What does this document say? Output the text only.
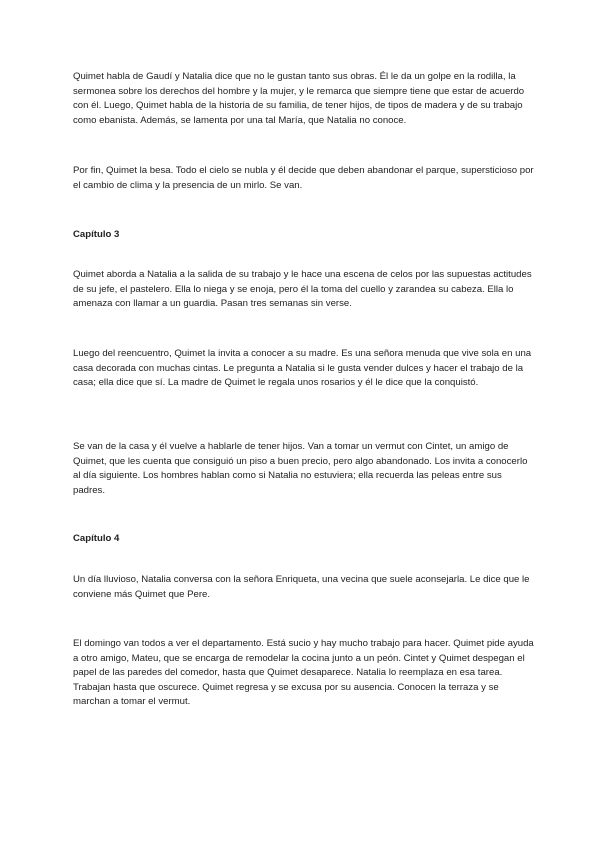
Quimet habla de Gaudí y Natalia dice que no le gustan tanto sus obras. Él le da un golpe en la rodilla, la sermonea sobre los derechos del hombre y la mujer, y le remarca que siempre tiene que estar de acuerdo con él. Luego, Quimet habla de la historia de su familia, de tener hijos, de tipos de madera y de su trabajo como ebanista. Además, se lamenta por una tal María, que Natalia no conoce.

Por fin, Quimet la besa. Todo el cielo se nubla y él decide que deben abandonar el parque, supersticioso por el cambio de clima y la presencia de un mirlo. Se van.

Capítulo 3

Quimet aborda a Natalia a la salida de su trabajo y le hace una escena de celos por las supuestas actitudes de su jefe, el pastelero. Ella lo niega y se enoja, pero él la toma del cuello y zarandea su cabeza. Ella lo amenaza con llamar a un guardia. Pasan tres semanas sin verse.

Luego del reencuentro, Quimet la invita a conocer a su madre. Es una señora menuda que vive sola en una casa decorada con muchas cintas. Le pregunta a Natalia si le gusta vender dulces y hacer el trabajo de la casa; ella dice que sí. La madre de Quimet le regala unos rosarios y él le dice que la conquistó.

Se van de la casa y él vuelve a hablarle de tener hijos. Van a tomar un vermut con Cintet, un amigo de Quimet, que les cuenta que consiguió un piso a buen precio, pero algo abandonado. Los invita a conocerlo al día siguiente. Los hombres hablan como si Natalia no estuviera; ella recuerda las peleas entre sus padres.

Capítulo 4

Un día lluvioso, Natalia conversa con la señora Enriqueta, una vecina que suele aconsejarla. Le dice que le conviene más Quimet que Pere.

El domingo van todos a ver el departamento. Está sucio y hay mucho trabajo para hacer. Quimet pide ayuda a otro amigo, Mateu, que se encarga de remodelar la cocina junto a un peón. Cintet y Quimet despegan el papel de las paredes del comedor, hasta que Quimet desaparece. Natalia lo reemplaza en esa tarea. Trabajan hasta que oscurece. Quimet regresa y se excusa por su ausencia. Conocen la terraza y se marchan a tomar el vermut.
